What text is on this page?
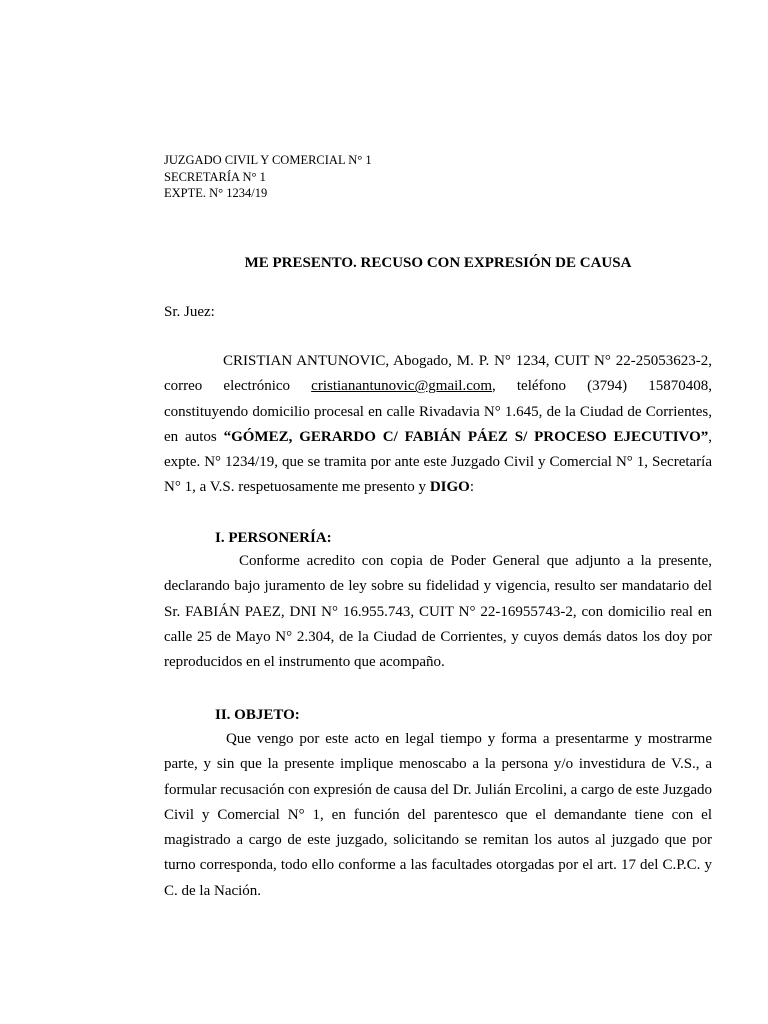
JUZGADO CIVIL Y COMERCIAL N° 1
SECRETARÍA N° 1
EXPTE. N° 1234/19
ME PRESENTO. RECUSO CON EXPRESIÓN DE CAUSA
Sr. Juez:

CRISTIAN ANTUNOVIC, Abogado, M. P. N° 1234, CUIT N° 22-25053623-2, correo electrónico cristianantunovic@gmail.com, teléfono (3794) 15870408, constituyendo domicilio procesal en calle Rivadavia N° 1.645, de la Ciudad de Corrientes, en autos “GÓMEZ, GERARDO C/ FABIÁN PÁEZ S/ PROCESO EJECUTIVO”, expte. N° 1234/19, que se tramita por ante este Juzgado Civil y Comercial N° 1, Secretaría N° 1, a V.S. respetuosamente me presento y DIGO:

I. PERSONERÍA:

Conforme acredito con copia de Poder General que adjunto a la presente, declarando bajo juramento de ley sobre su fidelidad y vigencia, resulto ser mandatario del Sr. FABIÁN PAEZ, DNI N° 16.955.743, CUIT N° 22-16955743-2, con domicilio real en calle 25 de Mayo N° 2.304, de la Ciudad de Corrientes, y cuyos demás datos los doy por reproducidos en el instrumento que acompaño.

II. OBJETO:

Que vengo por este acto en legal tiempo y forma a presentarme y mostrarme parte, y sin que la presente implique menoscabo a la persona y/o investidura de V.S., a formular recusación con expresión de causa del Dr. Julián Ercolini, a cargo de este Juzgado Civil y Comercial N° 1, en función del parentesco que el demandante tiene con el magistrado a cargo de este juzgado, solicitando se remitan los autos al juzgado que por turno corresponda, todo ello conforme a las facultades otorgadas por el art. 17 del C.P.C. y C. de la Nación.
